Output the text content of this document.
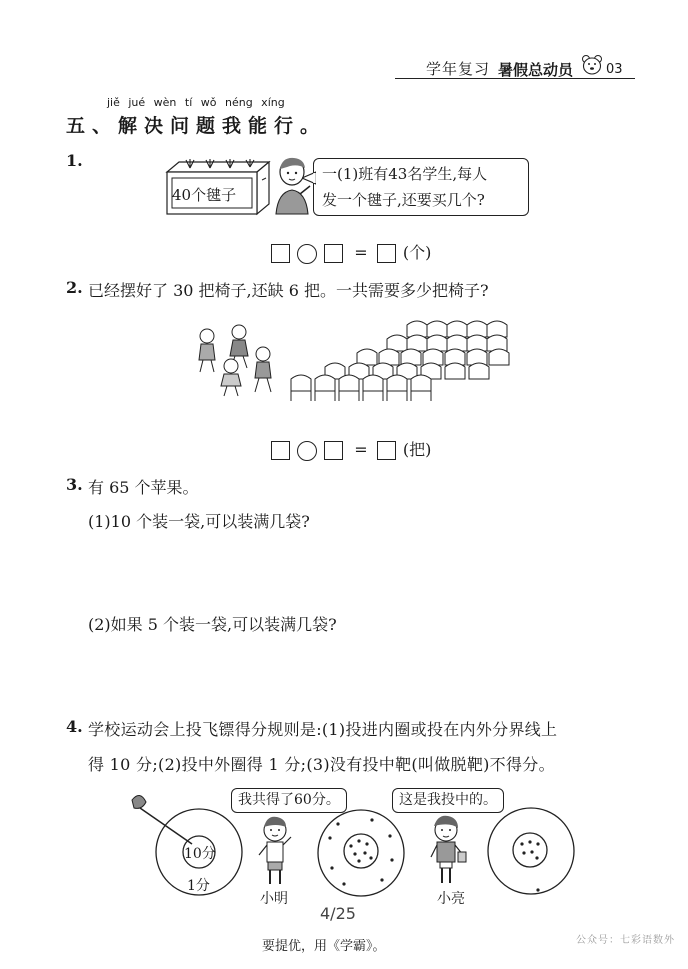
学年复习 暑假总动员	03
jiě jué wèn tí wǒ néng xíng
五、解决问题我能行。
1.
40个毽子
一(1)班有43名学生,每人
发一个毽子,还要买几个?
= (个)
2. 已经摆好了 30 把椅子,还缺 6 把。一共需要多少把椅子?
= (把)
3. 有 65 个苹果。
(1)10 个装一袋,可以装满几袋?
(2)如果 5 个装一袋,可以装满几袋?
4. 学校运动会上投飞镖得分规则是:(1)投进内圈或投在内外分界线上
得 10 分;(2)投中外圈得 1 分;(3)没有投中靶(叫做脱靶)不得分。
10分
1分
我共得了60分。
小明
这是我投中的。
小亮
4/25
要提优，用《学霸》。	公众号：七彩语数外
